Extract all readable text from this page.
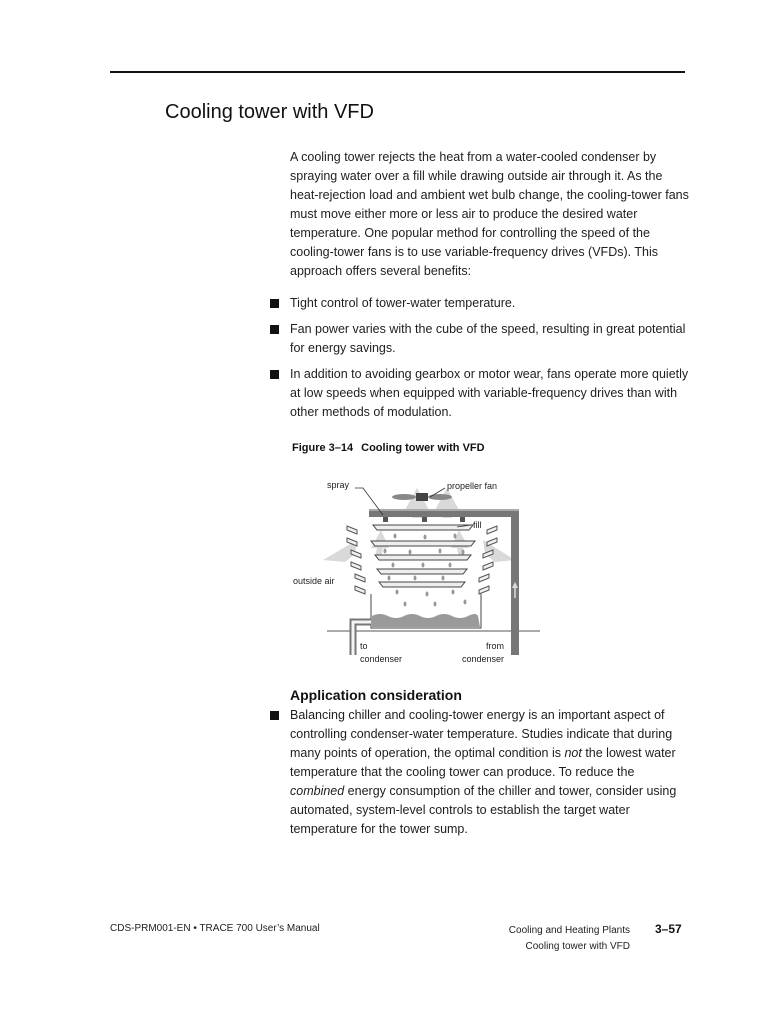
Cooling tower with VFD

A cooling tower rejects the heat from a water-cooled condenser by spraying water over a fill while drawing outside air through it. As the heat-rejection load and ambient wet bulb change, the cooling-tower fans must move either more or less air to produce the desired water temperature. One popular method for controlling the speed of the cooling-tower fans is to use variable-frequency drives (VFDs). This approach offers several benefits:

Tight control of tower-water temperature.
Fan power varies with the cube of the speed, resulting in great potential for energy savings.
In addition to avoiding gearbox or motor wear, fans operate more quietly at low speeds when equipped with variable-frequency drives than with other methods of modulation.

Figure 3–14 Cooling tower with VFD

spray	propeller fan
fill
outside air
to
condenser
from
condenser
Application consideration
Balancing chiller and cooling-tower energy is an important aspect of controlling condenser-water temperature. Studies indicate that during many points of operation, the optimal condition is not the lowest water temperature that the cooling tower can produce. To reduce the combined energy consumption of the chiller and tower, consider using automated, system-level controls to establish the target water temperature for the tower sump.
CDS-PRM001-EN • TRACE 700 User’s Manual	Cooling and Heating Plants
Cooling tower with VFD
3–57
